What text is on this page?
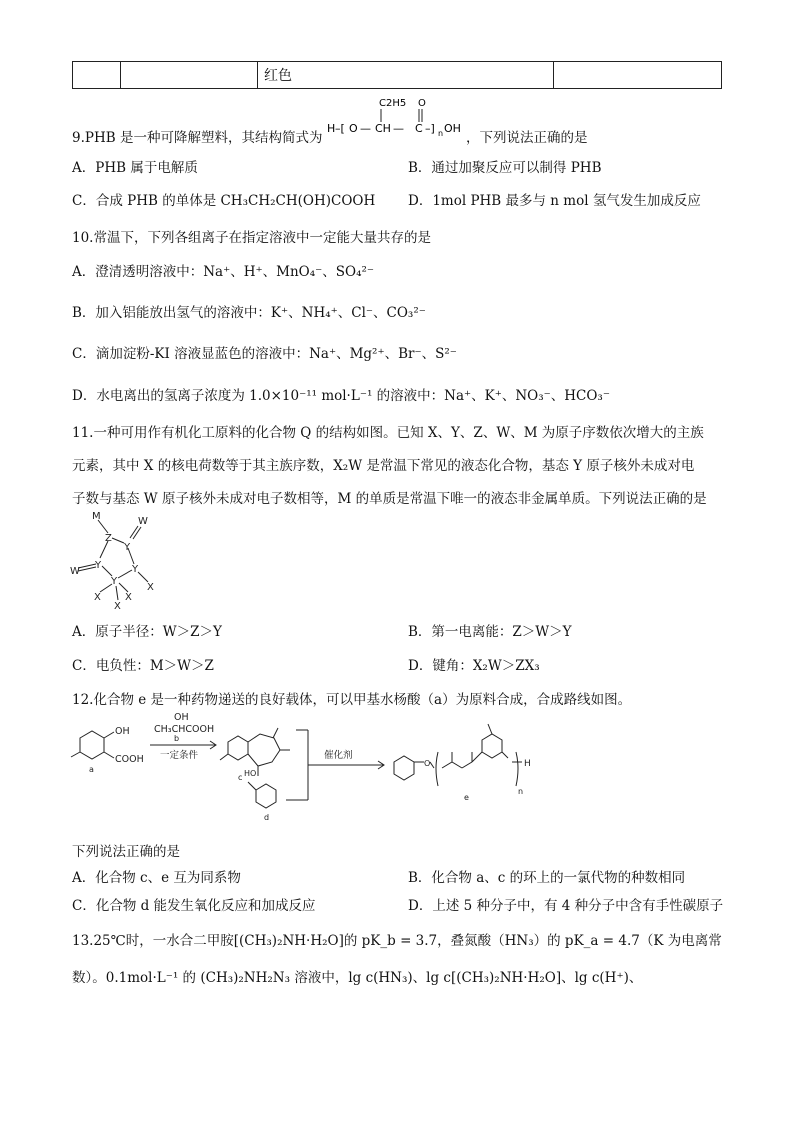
		红色	
9.PHB 是一种可降解塑料，其结构简式为
C2H5 O
H –[ O — CH — C –] n OH
，下列说法正确的是
A．PHB 属于电解质	B．通过加聚反应可以制得 PHB
C．合成 PHB 的单体是 CH₃CH₂CH(OH)COOH D．1mol PHB 最多与 n mol 氢气发生加成反应
10.常温下，下列各组离子在指定溶液中一定能大量共存的是
A．澄清透明溶液中：Na⁺、H⁺、MnO₄⁻、SO₄²⁻
B．加入铝能放出氢气的溶液中：K⁺、NH₄⁺、Cl⁻、CO₃²⁻
C．滴加淀粉-KI 溶液显蓝色的溶液中：Na⁺、Mg²⁺、Br⁻、S²⁻
D．水电离出的氢离子浓度为 1.0×10⁻¹¹ mol·L⁻¹ 的溶液中：Na⁺、K⁺、NO₃⁻、HCO₃⁻
11.一种可用作有机化工原料的化合物 Q 的结构如图。已知 X、Y、Z、W、M 为原子序数依次增大的主族
元素，其中 X 的核电荷数等于其主族序数，X₂W 是常温下常见的液态化合物，基态 Y 原子核外未成对电
子数与基态 W 原子核外未成对电子数相等，M 的单质是常温下唯一的液态非金属单质。下列说法正确的是
M
Z
Y
W
Y
W	Y
Y
X
X
X
X
A．原子半径：W＞Z＞Y	B．第一电离能：Z＞W＞Y
C．电负性：M＞W＞Z	D．键角：X₂W＞ZX₃
12.化合物 e 是一种药物递送的良好载体，可以甲基水杨酸（a）为原料合成，合成路线如图。
OH
COOH
a
OH
CH₃CHCOOH
b
一定条件
c HO
d
催化剂
O
e
H
n
下列说法正确的是
A．化合物 c、e 互为同系物	B．化合物 a、c 的环上的一氯代物的种数相同
C．化合物 d 能发生氧化反应和加成反应	D．上述 5 种分子中，有 4 种分子中含有手性碳原子
13.25℃时，一水合二甲胺[(CH₃)₂NH·H₂O]的 pK_b = 3.7，叠氮酸（HN₃）的 pK_a = 4.7（K 为电离常
数）。0.1mol·L⁻¹ 的 (CH₃)₂NH₂N₃ 溶液中，lg c(HN₃)、lg c[(CH₃)₂NH·H₂O]、lg c(H⁺)、
